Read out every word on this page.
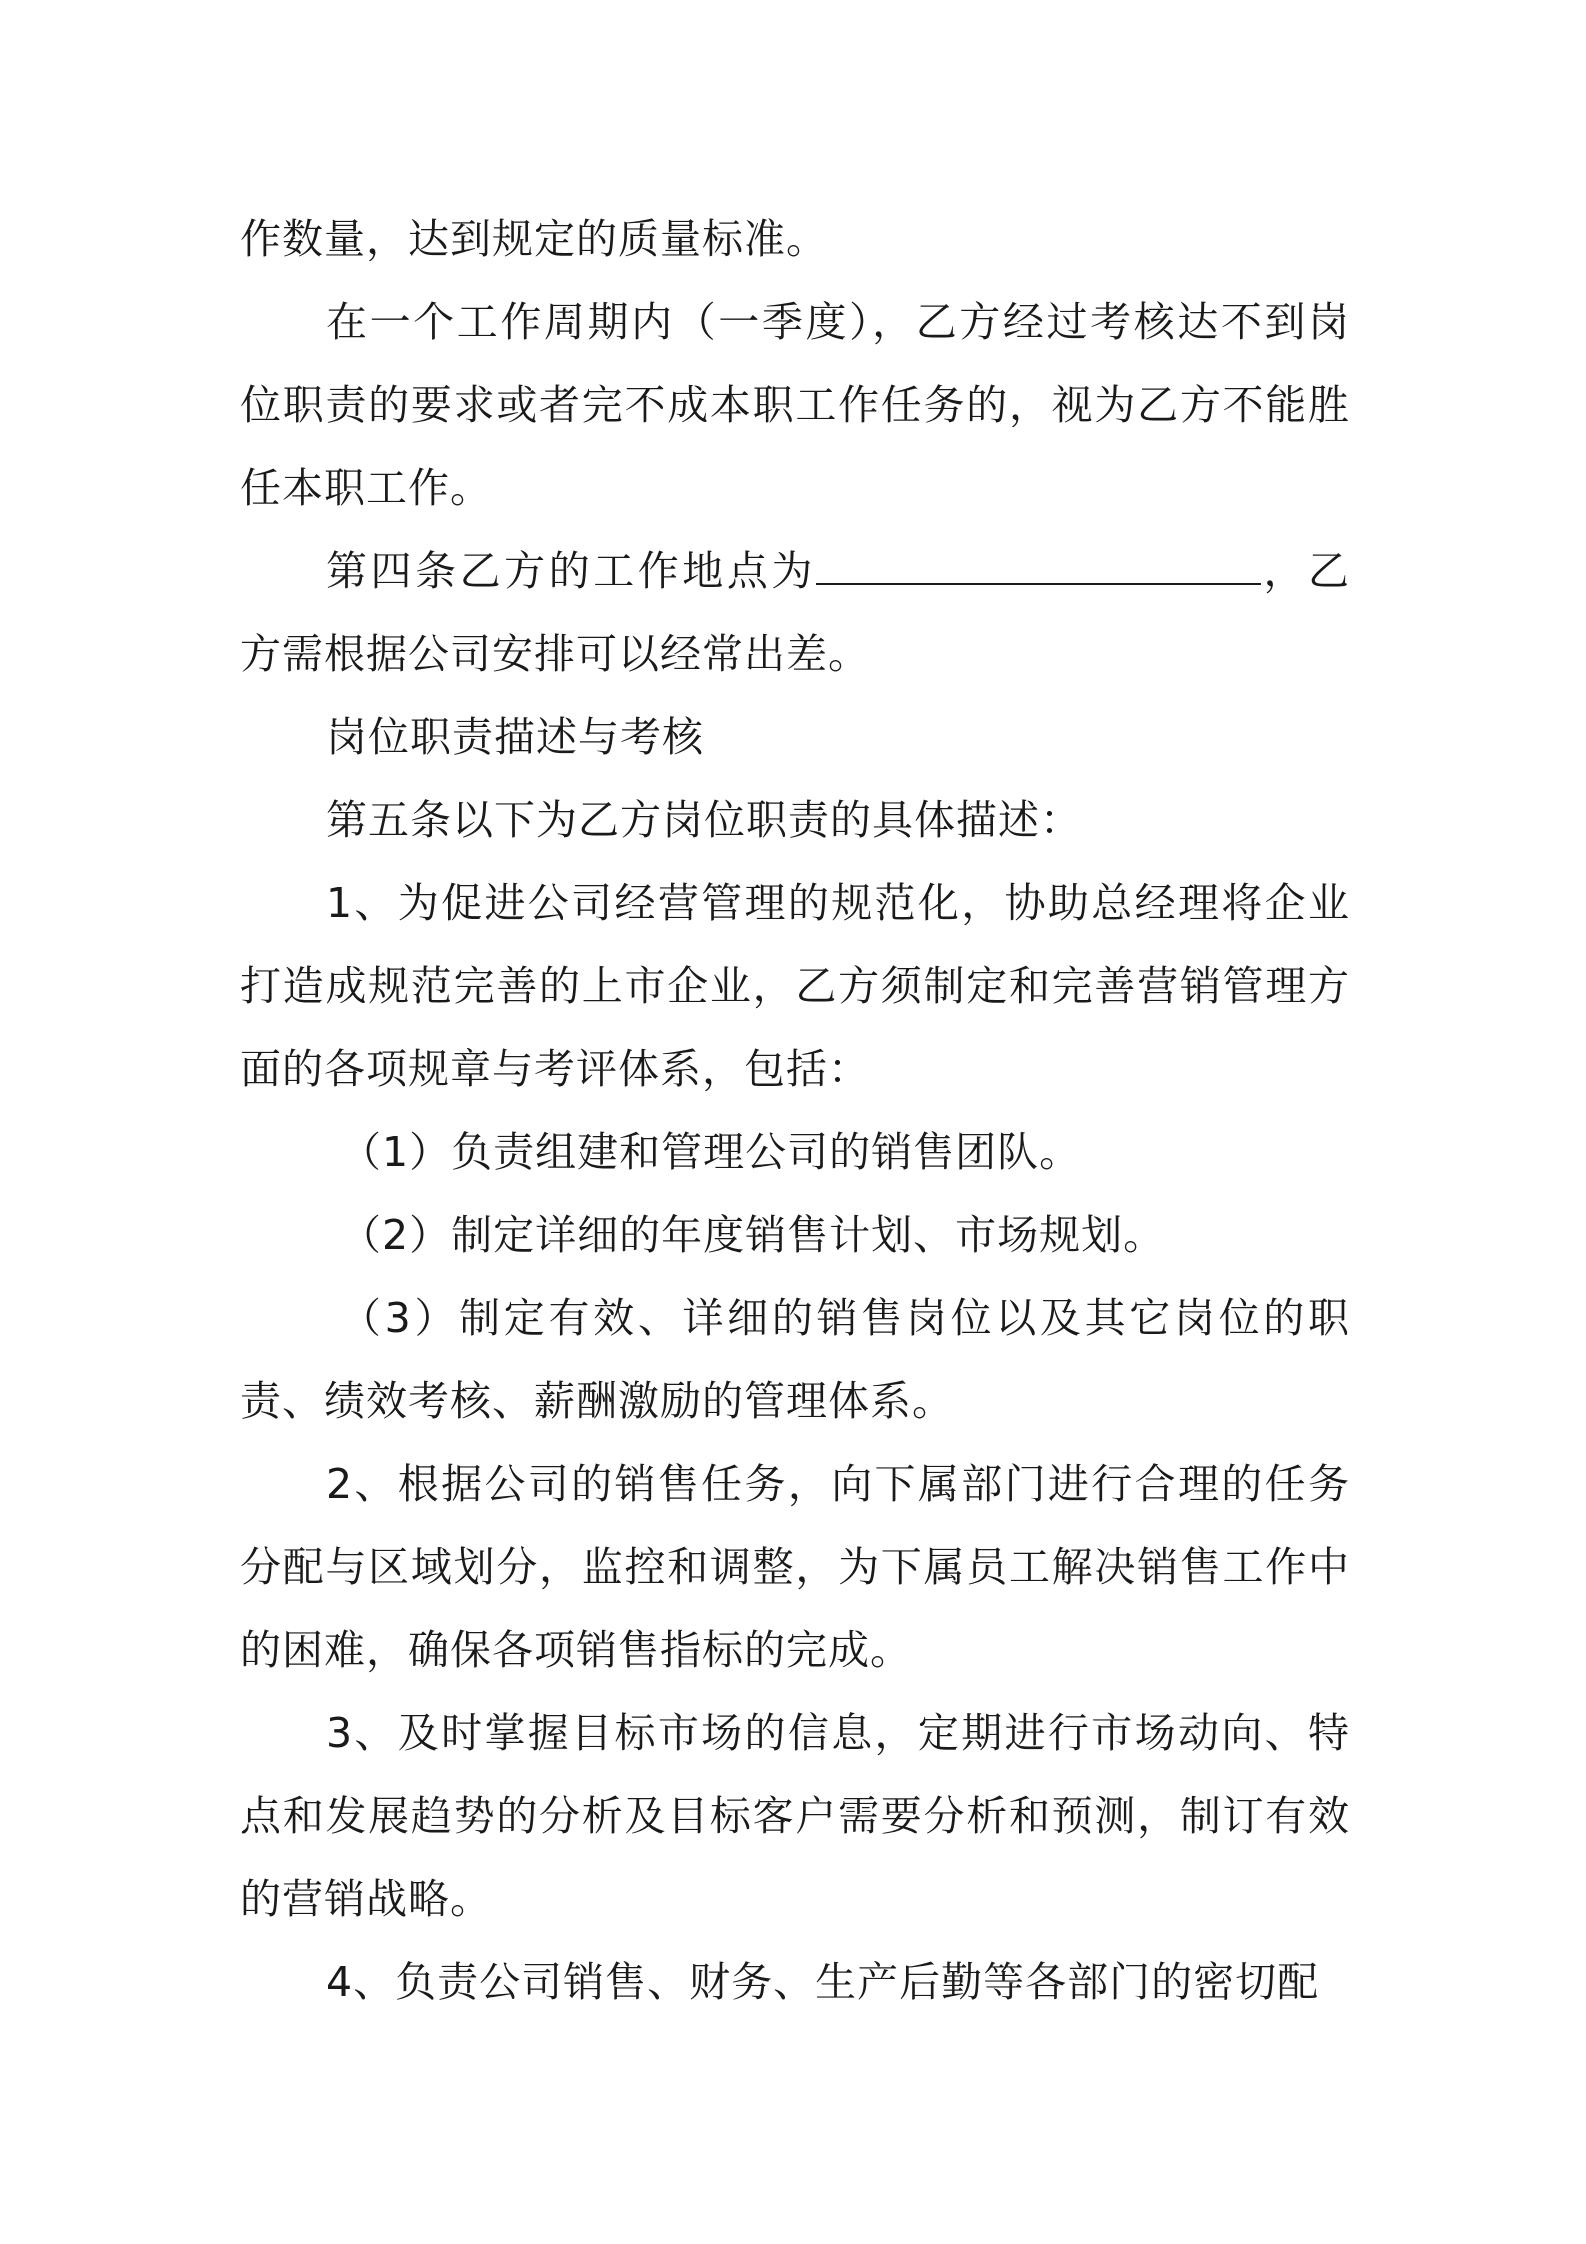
作数量，达到规定的质量标准。

在一个工作周期内（一季度），乙方经过考核达不到岗位职责的要求或者完不成本职工作任务的，视为乙方不能胜任本职工作。

第四条乙方的工作地点为	，乙方需根据公司安排可以经常出差。

岗位职责描述与考核

第五条以下为乙方岗位职责的具体描述：

1、为促进公司经营管理的规范化，协助总经理将企业打造成规范完善的上市企业，乙方须制定和完善营销管理方面的各项规章与考评体系，包括：

（1）负责组建和管理公司的销售团队。

（2）制定详细的年度销售计划、市场规划。

（3）制定有效、详细的销售岗位以及其它岗位的职责、绩效考核、薪酬激励的管理体系。

2、根据公司的销售任务，向下属部门进行合理的任务分配与区域划分，监控和调整，为下属员工解决销售工作中的困难，确保各项销售指标的完成。

3、及时掌握目标市场的信息，定期进行市场动向、特点和发展趋势的分析及目标客户需要分析和预测，制订有效的营销战略。

4、负责公司销售、财务、生产后勤等各部门的密切配
